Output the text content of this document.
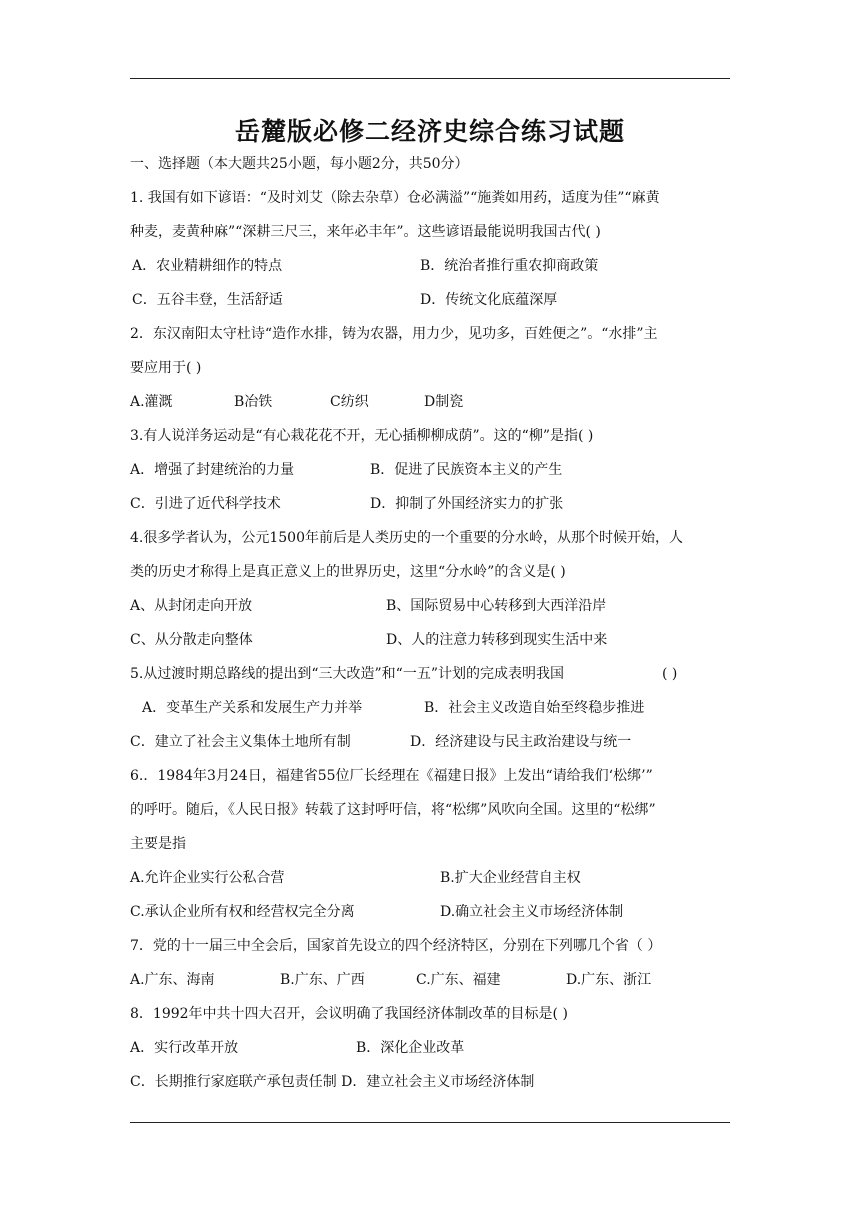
岳麓版必修二经济史综合练习试题
一、选择题（本大题共25小题，每小题2分，共50分）
1. 我国有如下谚语：“及时刘艾（除去杂草）仓必满溢”“施粪如用药，适度为佳”“麻黄
种麦，麦黄种麻”“深耕三尺三，来年必丰年”。这些谚语最能说明我国古代( )
A．农业精耕细作的特点	B．统治者推行重农抑商政策
C．五谷丰登，生活舒适	D．传统文化底蕴深厚
2．东汉南阳太守杜诗“造作水排，铸为农器，用力少，见功多，百姓便之”。“水排”主
要应用于( )
A.灌溉	B冶铁	C纺织	D制瓷
3.有人说洋务运动是“有心栽花花不开，无心插柳柳成荫”。这的“柳”是指( )
A．增强了封建统治的力量	B．促进了民族资本主义的产生
C．引进了近代科学技术	D．抑制了外国经济实力的扩张
4.很多学者认为，公元1500年前后是人类历史的一个重要的分水岭，从那个时候开始，人
类的历史才称得上是真正意义上的世界历史，这里“分水岭”的含义是( )
A、从封闭走向开放	B、国际贸易中心转移到大西洋沿岸
C、从分散走向整体	D、人的注意力转移到现实生活中来
5.从过渡时期总路线的提出到“三大改造”和“一五”计划的完成表明我国	( )
A．变革生产关系和发展生产力并举	B．社会主义改造自始至终稳步推进
C．建立了社会主义集体土地所有制	D．经济建设与民主政治建设与统一
6.．1984年3月24日，福建省55位厂长经理在《福建日报》上发出“请给我们‘松绑’”
的呼吁。随后，《人民日报》转载了这封呼吁信，将“松绑”风吹向全国。这里的“松绑”
主要是指
A.允许企业实行公私合营	B.扩大企业经营自主权
C.承认企业所有权和经营权完全分离	D.确立社会主义市场经济体制
7．党的十一届三中全会后，国家首先设立的四个经济特区，分别在下列哪几个省（ ）
A.广东、海南	B.广东、广西	C.广东、福建	D.广东、浙江
8．1992年中共十四大召开，会议明确了我国经济体制改革的目标是( )
A．实行改革开放	B．深化企业改革
C．长期推行家庭联产承包责任制 D．建立社会主义市场经济体制
